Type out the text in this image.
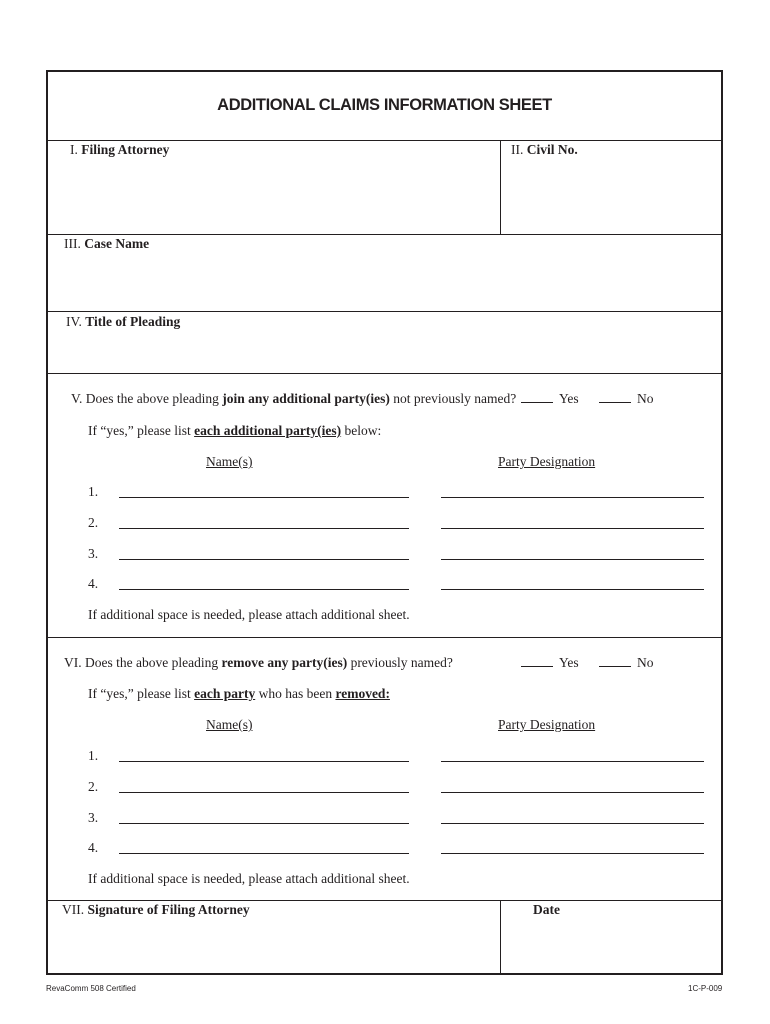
ADDITIONAL CLAIMS INFORMATION SHEET
I. Filing Attorney	II. Civil No.
III. Case Name
IV. Title of Pleading
V. Does the above pleading join any additional party(ies) not previously named?	Yes	No
If “yes,” please list each additional party(ies) below:
Name(s)	Party Designation
1.
2.
3.
4.
If additional space is needed, please attach additional sheet.
VI. Does the above pleading remove any party(ies) previously named?	Yes	No
If “yes,” please list each party who has been removed:
Name(s)	Party Designation
1.
2.
3.
4.
If additional space is needed, please attach additional sheet.
VII. Signature of Filing Attorney	Date
RevaComm 508 Certified	1C-P-009
